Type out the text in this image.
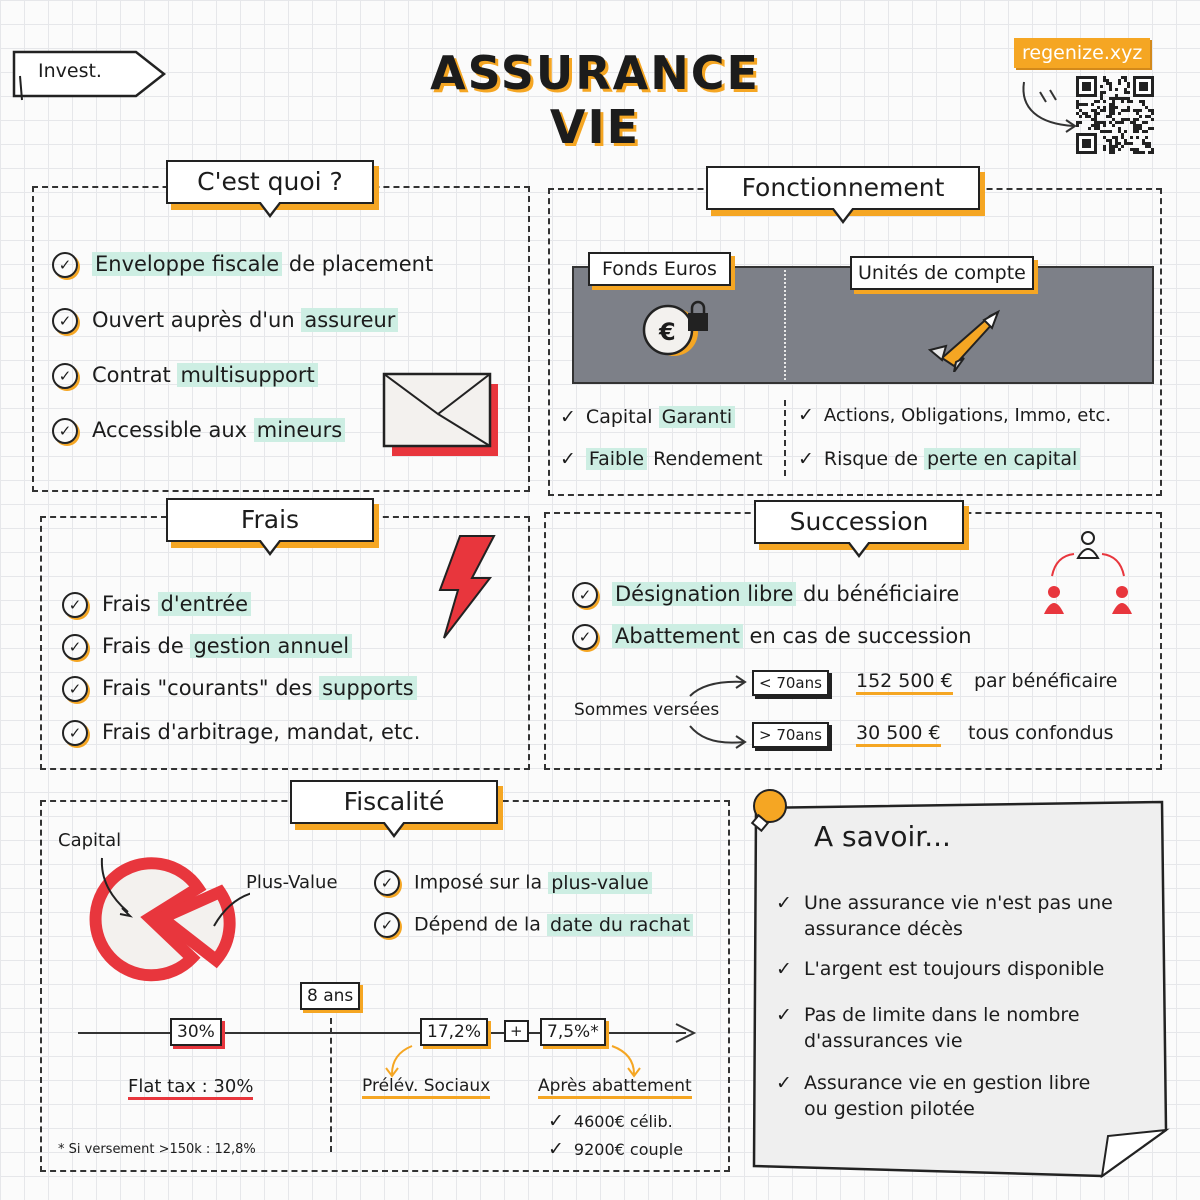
Invest.	ASSURANCE VIE
regenize.xyz
C'est quoi ?
✓ Enveloppe fiscale de placement
✓ Ouvert auprès d'un assureur
✓ Contrat multisupport
✓ Accessible aux mineurs
Fonctionnement
Fonds Euros	Unités de compte
€
✓ Capital Garanti
✓ Faible Rendement
✓ Actions, Obligations, Immo, etc.
✓ Risque de perte en capital
Frais
✓ Frais d'entrée
✓ Frais de gestion annuel
✓ Frais "courants" des supports
✓ Frais d'arbitrage, mandat, etc.
Succession
✓ Désignation libre du bénéficiaire
✓ Abattement en cas de succession
Sommes versées
< 70ans	152 500 € par bénéficaire
> 70ans	30 500 € tous confondus
Fiscalité
Capital
Plus-Value	✓ Imposé sur la plus-value
✓ Dépend de la date du rachat
8 ans
30%	17,2%	+	7,5%*
Flat tax : 30%	Prélév. Sociaux	Après abattement
✓ 4600€ célib.
✓ 9200€ couple
* Si versement >150k : 12,8%
A savoir...
✓ Une assurance vie n'est pas une assurance décès
✓ L'argent est toujours disponible
✓ Pas de limite dans le nombre d'assurances vie
✓ Assurance vie en gestion libre ou gestion pilotée
